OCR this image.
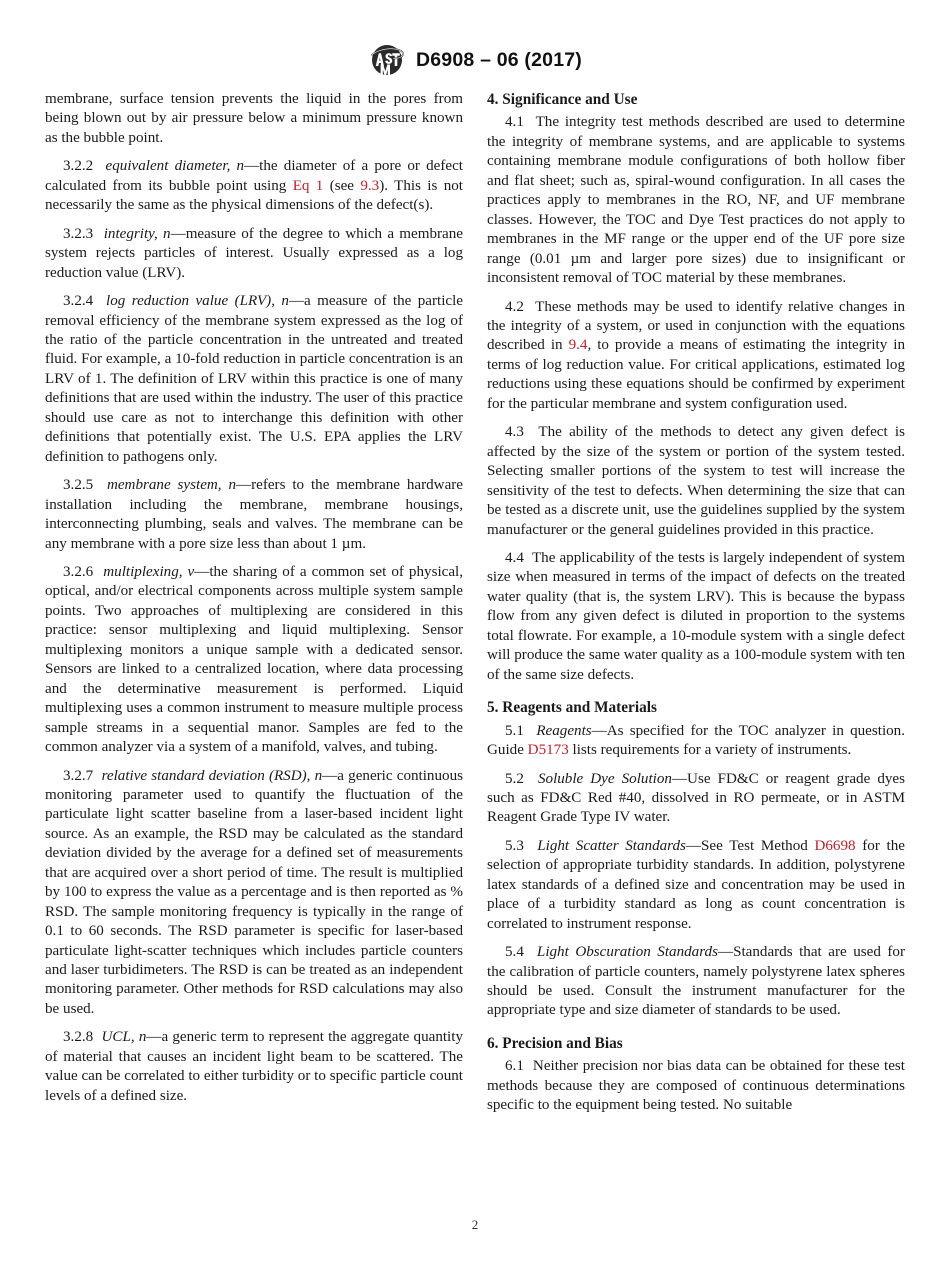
D6908 – 06 (2017)

membrane, surface tension prevents the liquid in the pores from being blown out by air pressure below a minimum pressure known as the bubble point.

3.2.2 equivalent diameter, n—the diameter of a pore or defect calculated from its bubble point using Eq 1 (see 9.3). This is not necessarily the same as the physical dimensions of the defect(s).

3.2.3 integrity, n—measure of the degree to which a membrane system rejects particles of interest. Usually expressed as a log reduction value (LRV).

3.2.4 log reduction value (LRV), n—a measure of the particle removal efficiency of the membrane system expressed as the log of the ratio of the particle concentration in the untreated and treated fluid. For example, a 10-fold reduction in particle concentration is an LRV of 1. The definition of LRV within this practice is one of many definitions that are used within the industry. The user of this practice should use care as not to interchange this definition with other definitions that potentially exist. The U.S. EPA applies the LRV definition to pathogens only.

3.2.5 membrane system, n—refers to the membrane hardware installation including the membrane, membrane housings, interconnecting plumbing, seals and valves. The membrane can be any membrane with a pore size less than about 1 µm.

3.2.6 multiplexing, v—the sharing of a common set of physical, optical, and/or electrical components across multiple system sample points. Two approaches of multiplexing are considered in this practice: sensor multiplexing and liquid multiplexing. Sensor multiplexing monitors a unique sample with a dedicated sensor. Sensors are linked to a centralized location, where data processing and the determinative measurement is performed. Liquid multiplexing uses a common instrument to measure multiple process sample streams in a sequential manor. Samples are fed to the common analyzer via a system of a manifold, valves, and tubing.

3.2.7 relative standard deviation (RSD), n—a generic continuous monitoring parameter used to quantify the fluctuation of the particulate light scatter baseline from a laser-based incident light source. As an example, the RSD may be calculated as the standard deviation divided by the average for a defined set of measurements that are acquired over a short period of time. The result is multiplied by 100 to express the value as a percentage and is then reported as % RSD. The sample monitoring frequency is typically in the range of 0.1 to 60 seconds. The RSD parameter is specific for laser-based particulate light-scatter techniques which includes particle counters and laser turbidimeters. The RSD is can be treated as an independent monitoring parameter. Other methods for RSD calculations may also be used.

3.2.8 UCL, n—a generic term to represent the aggregate quantity of material that causes an incident light beam to be scattered. The value can be correlated to either turbidity or to specific particle count levels of a defined size.

4. Significance and Use

4.1 The integrity test methods described are used to determine the integrity of membrane systems, and are applicable to systems containing membrane module configurations of both hollow fiber and flat sheet; such as, spiral-wound configuration. In all cases the practices apply to membranes in the RO, NF, and UF membrane classes. However, the TOC and Dye Test practices do not apply to membranes in the MF range or the upper end of the UF pore size range (0.01 µm and larger pore sizes) due to insignificant or inconsistent removal of TOC material by these membranes.

4.2 These methods may be used to identify relative changes in the integrity of a system, or used in conjunction with the equations described in 9.4, to provide a means of estimating the integrity in terms of log reduction value. For critical applications, estimated log reductions using these equations should be confirmed by experiment for the particular membrane and system configuration used.

4.3 The ability of the methods to detect any given defect is affected by the size of the system or portion of the system tested. Selecting smaller portions of the system to test will increase the sensitivity of the test to defects. When determining the size that can be tested as a discrete unit, use the guidelines supplied by the system manufacturer or the general guidelines provided in this practice.

4.4 The applicability of the tests is largely independent of system size when measured in terms of the impact of defects on the treated water quality (that is, the system LRV). This is because the bypass flow from any given defect is diluted in proportion to the systems total flowrate. For example, a 10-module system with a single defect will produce the same water quality as a 100-module system with ten of the same size defects.

5. Reagents and Materials

5.1 Reagents—As specified for the TOC analyzer in question. Guide D5173 lists requirements for a variety of instruments.

5.2 Soluble Dye Solution—Use FD&C or reagent grade dyes such as FD&C Red #40, dissolved in RO permeate, or in ASTM Reagent Grade Type IV water.

5.3 Light Scatter Standards—See Test Method D6698 for the selection of appropriate turbidity standards. In addition, polystyrene latex standards of a defined size and concentration may be used in place of a turbidity standard as long as count concentration is correlated to instrument response.

5.4 Light Obscuration Standards—Standards that are used for the calibration of particle counters, namely polystyrene latex spheres should be used. Consult the instrument manufacturer for the appropriate type and size diameter of standards to be used.

6. Precision and Bias

6.1 Neither precision nor bias data can be obtained for these test methods because they are composed of continuous determinations specific to the equipment being tested. No suitable

2
